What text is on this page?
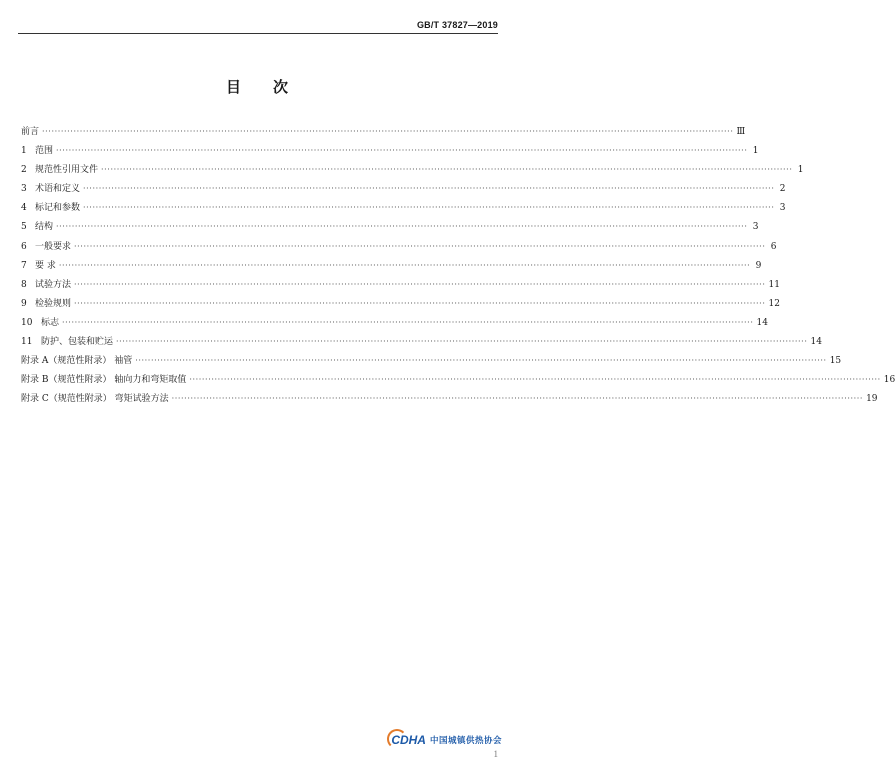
GB/T 37827—2019
目 次
前言 ···························································································································································································································· Ⅲ
1 范围 ···························································································································································································································· 1
2 规范性引用文件 ···························································································································································································································· 1
3 术语和定义 ···························································································································································································································· 2
4 标记和参数 ···························································································································································································································· 3
5 结构 ···························································································································································································································· 3
6 一般要求 ···························································································································································································································· 6
7 要 求 ···························································································································································································································· 9
8 试验方法 ···························································································································································································································· 11
9 检验规则 ···························································································································································································································· 12
10 标志 ···························································································································································································································· 14
11 防护、包装和贮运 ···························································································································································································································· 14
附录 A（规范性附录） 袖管 ···························································································································································································································· 15
附录 B（规范性附录） 轴向力和弯矩取值 ···························································································································································································································· 16
附录 C（规范性附录） 弯矩试验方法 ···························································································································································································································· 19
CDHA 中国城镇供热协会
1
